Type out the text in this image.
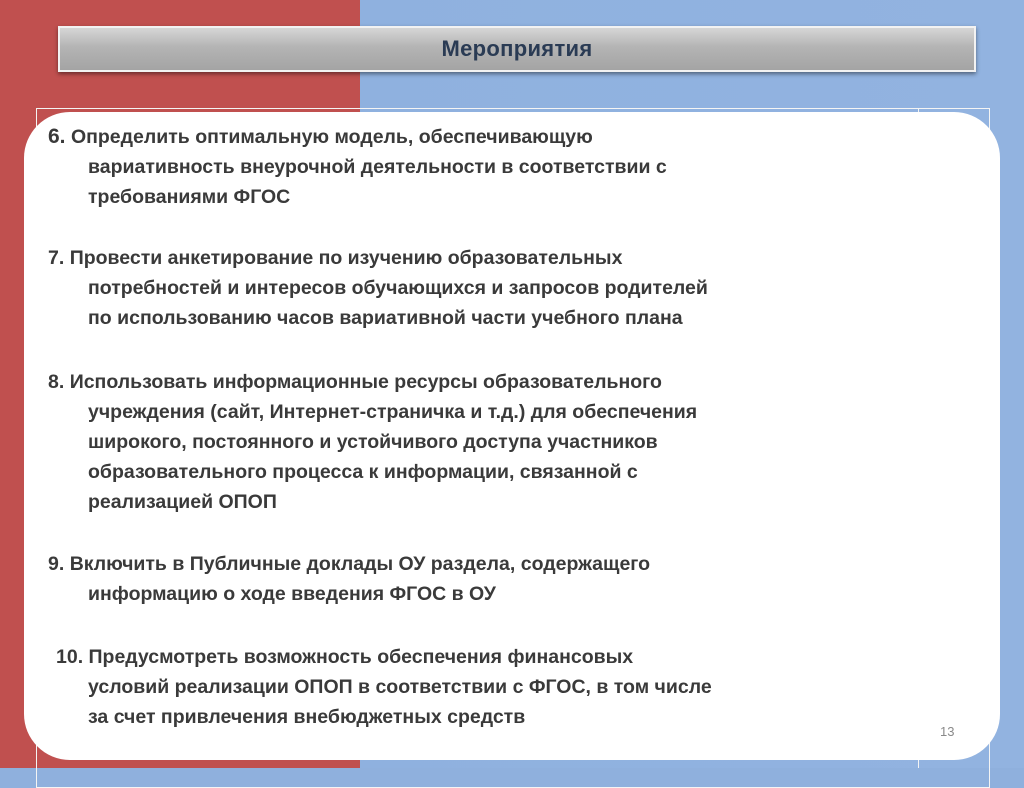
Мероприятия
6. Определить оптимальную модель, обеспечивающую
вариативность внеурочной деятельности в соответствии с
требованиями ФГОС
7. Провести анкетирование по изучению образовательных
потребностей и интересов обучающихся и запросов родителей
по использованию часов вариативной части учебного плана
8. Использовать информационные ресурсы образовательного
учреждения (сайт, Интернет-страничка и т.д.) для обеспечения
широкого, постоянного и устойчивого доступа участников
образовательного процесса к информации, связанной с
реализацией ОПОП
9. Включить в Публичные доклады ОУ раздела, содержащего
информацию о ходе введения ФГОС в ОУ
10. Предусмотреть возможность обеспечения финансовых
условий реализации ОПОП в соответствии с ФГОС, в том числе
за счет привлечения внебюджетных средств
13
